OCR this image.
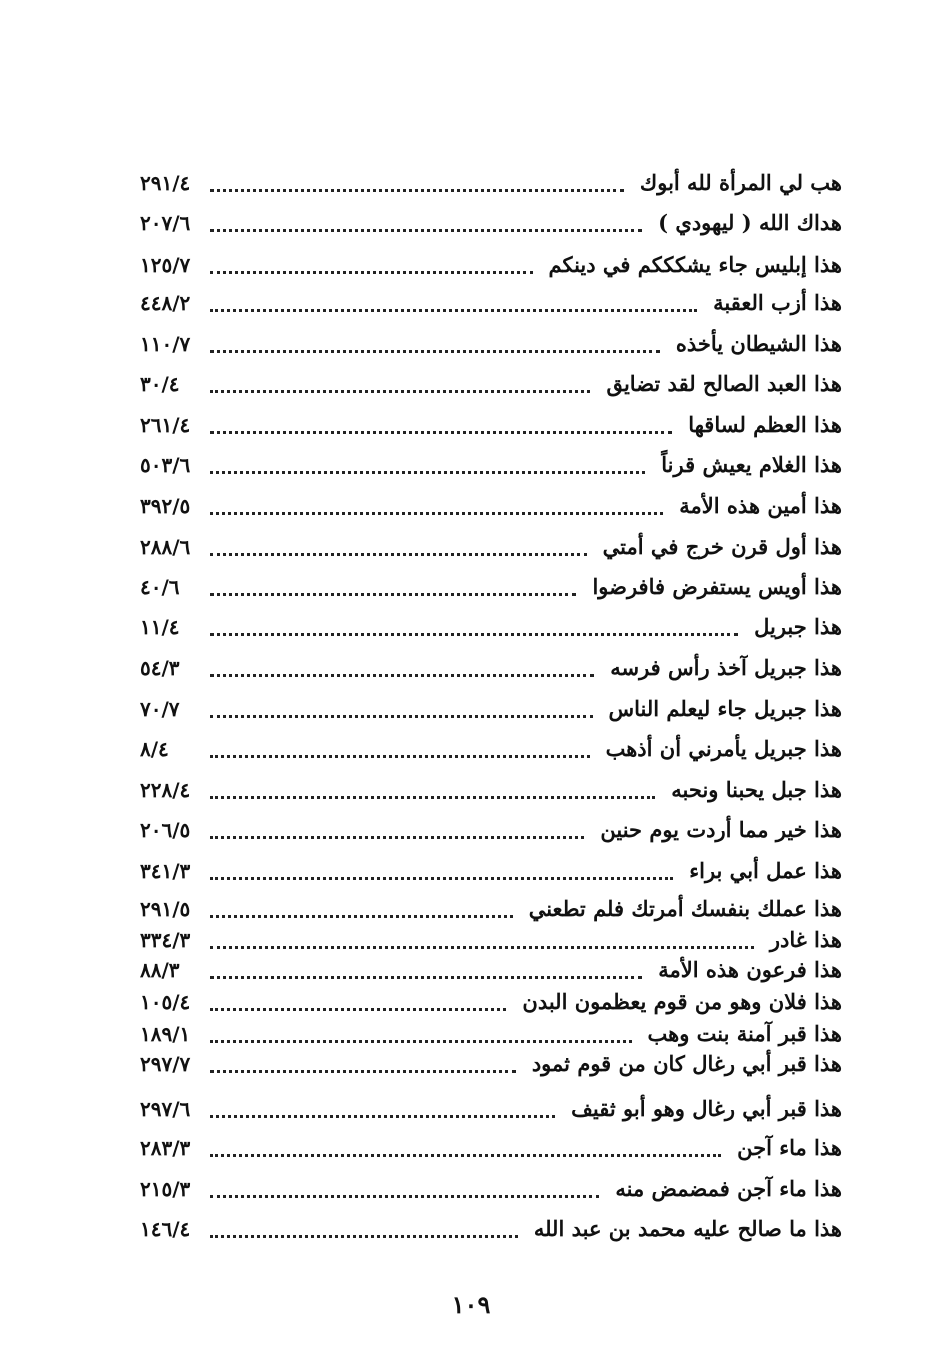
هب لي المرأة لله أبوك
٢٩١/٤
هداك الله ( ليهودي )
٢٠٧/٦
هذا إبليس جاء يشكككم في دينكم
١٢٥/٧
هذا أزب العقبة
٤٤٨/٢
هذا الشيطان يأخذه
١١٠/٧
هذا العبد الصالح لقد تضايق
٣٠/٤
هذا العظم لساقها
٢٦١/٤
هذا الغلام يعيش قرناً
٥٠٣/٦
هذا أمين هذه الأمة
٣٩٢/٥
هذا أول قرن خرج في أمتي
٢٨٨/٦
هذا أويس يستفرض فافرضوا
٤٠/٦
هذا جبريل
١١/٤
هذا جبريل آخذ رأس فرسه
٥٤/٣
هذا جبريل جاء ليعلم الناس
٧٠/٧
هذا جبريل يأمرني أن أذهب
٨/٤
هذا جبل يحبنا ونحبه
٢٢٨/٤
هذا خير مما أردت يوم حنين
٢٠٦/٥
هذا عمل أبي براء
٣٤١/٣
هذا عملك بنفسك أمرتك فلم تطعني
٢٩١/٥
هذا غادر
٣٣٤/٣
هذا فرعون هذه الأمة
٨٨/٣
هذا فلان وهو من قوم يعظمون البدن
١٠٥/٤
هذا قبر آمنة بنت وهب
١٨٩/١
هذا قبر أبي رغال كان من قوم ثمود
٢٩٧/٧
هذا قبر أبي رغال وهو أبو ثقيف
٢٩٧/٦
هذا ماء آجن
٢٨٣/٣
هذا ماء آجن فمضمض منه
٢١٥/٣
هذا ما صالح عليه محمد بن عبد الله
١٤٦/٤
١٠٩
